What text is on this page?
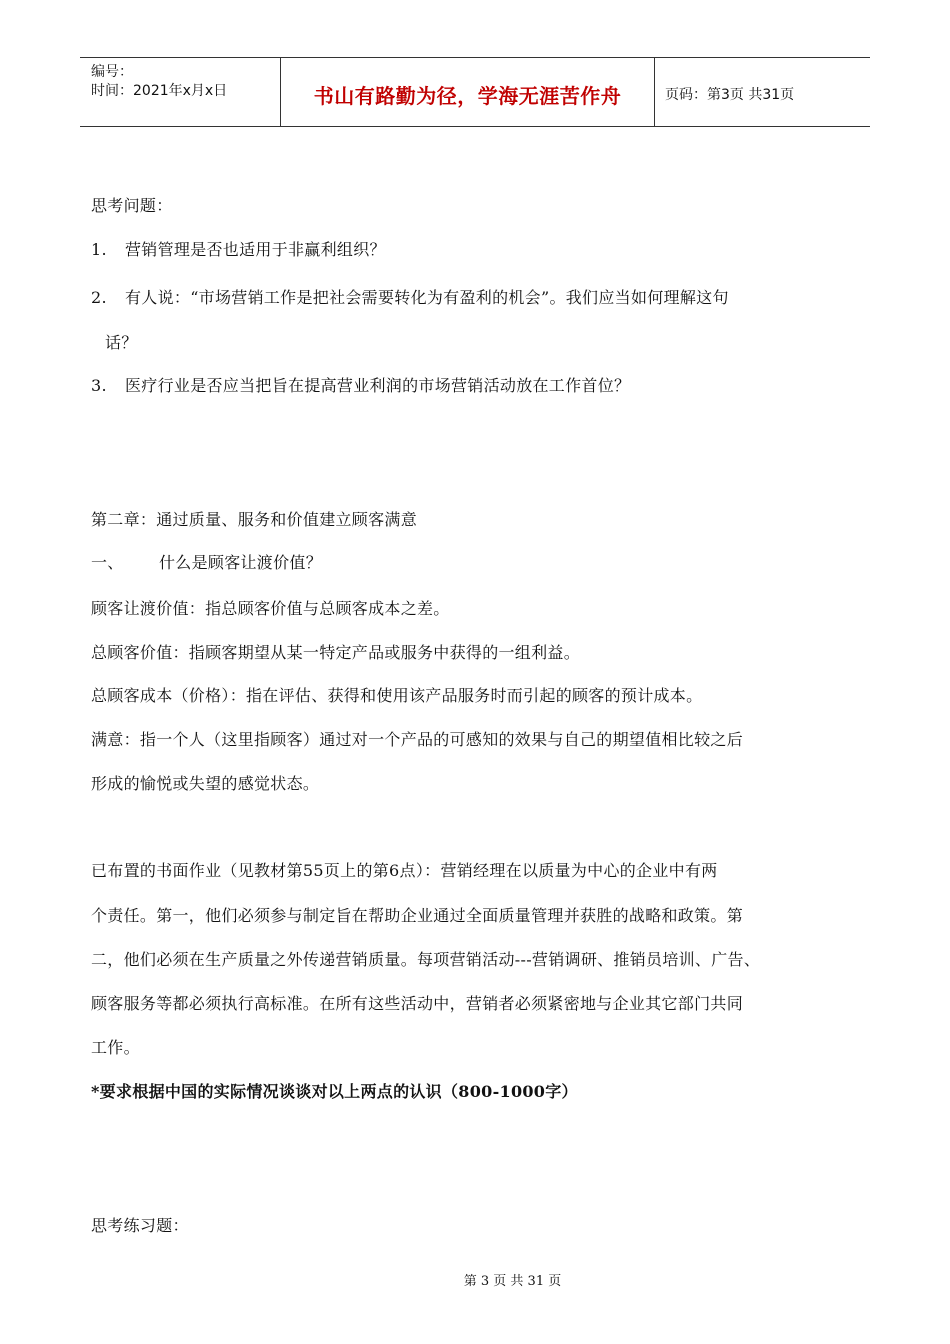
编号：
时间：2021年x月x日	书山有路勤为径，学海无涯苦作舟	页码：第3页 共31页
思考问题：
1. 营销管理是否也适用于非赢利组织？
2. 有人说：“市场营销工作是把社会需要转化为有盈利的机会”。我们应当如何理解这句
话？
3. 医疗行业是否应当把旨在提高营业利润的市场营销活动放在工作首位？
第二章：通过质量、服务和价值建立顾客满意
一、 什么是顾客让渡价值？
顾客让渡价值：指总顾客价值与总顾客成本之差。
总顾客价值：指顾客期望从某一特定产品或服务中获得的一组利益。
总顾客成本（价格）：指在评估、获得和使用该产品服务时而引起的顾客的预计成本。
满意：指一个人（这里指顾客）通过对一个产品的可感知的效果与自己的期望值相比较之后
形成的愉悦或失望的感觉状态。
已布置的书面作业（见教材第55页上的第6点）：营销经理在以质量为中心的企业中有两
个责任。第一，他们必须参与制定旨在帮助企业通过全面质量管理并获胜的战略和政策。第
二，他们必须在生产质量之外传递营销质量。每项营销活动---营销调研、推销员培训、广告、
顾客服务等都必须执行高标准。在所有这些活动中，营销者必须紧密地与企业其它部门共同
工作。
*要求根据中国的实际情况谈谈对以上两点的认识（800-1000字）
思考练习题：
第 3 页 共 31 页
